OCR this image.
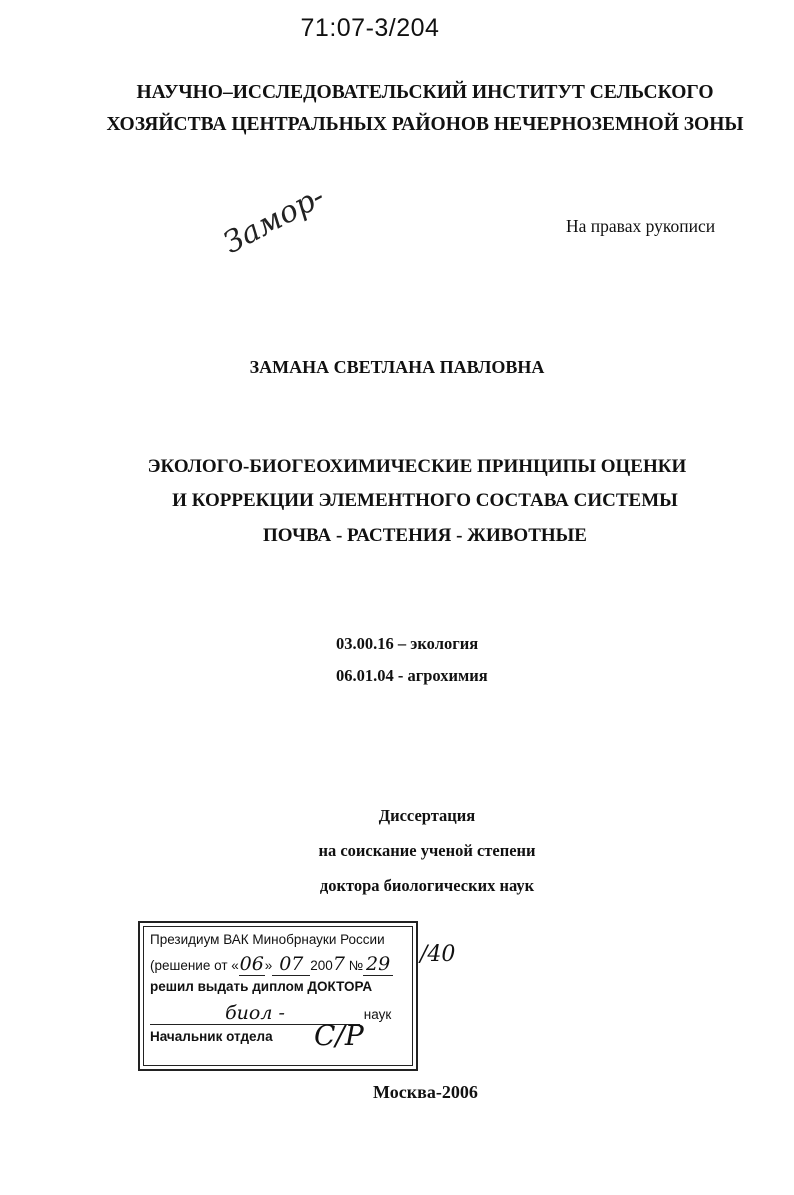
71:07-3/204
НАУЧНО–ИССЛЕДОВАТЕЛЬСКИЙ ИНСТИТУТ СЕЛЬСКОГО
ХОЗЯЙСТВА ЦЕНТРАЛЬНЫХ РАЙОНОВ НЕЧЕРНОЗЕМНОЙ ЗОНЫ
На правах рукописи
Замор-
ЗАМАНА СВЕТЛАНА ПАВЛОВНА
ЭКОЛОГО-БИОГЕОХИМИЧЕСКИЕ ПРИНЦИПЫ ОЦЕНКИ
И КОРРЕКЦИИ ЭЛЕМЕНТНОГО СОСТАВА СИСТЕМЫ
ПОЧВА - РАСТЕНИЯ - ЖИВОТНЫЕ
03.00.16 – экология
06.01.04 - агрохимия
Диссертация
на соискание ученой степени
доктора биологических наук
Президиум ВАК Минобрнауки России
(решение от «06» 07 2007 № 29
решил выдать диплом ДОКТОРА
биол -	наук
Начальник отдела С/Р
/40
Москва-2006
